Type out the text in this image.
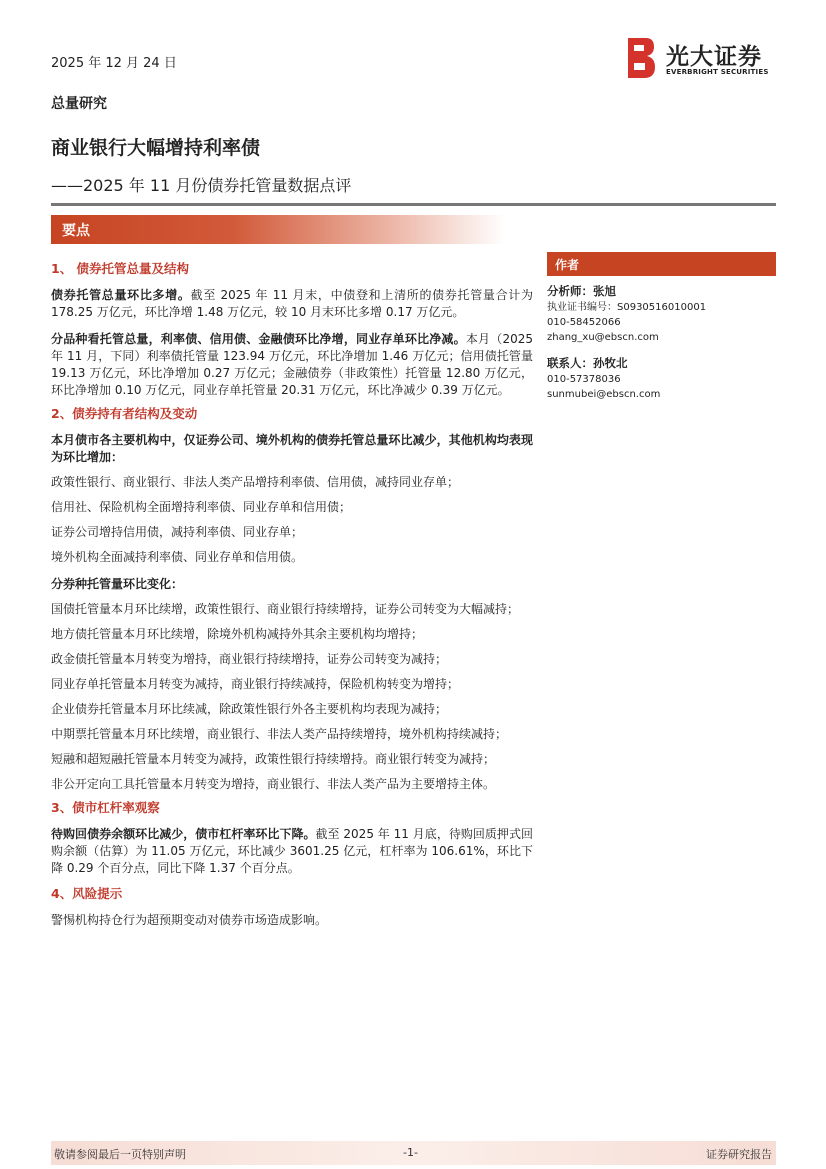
2025 年 12 月 24 日	光大证券
EVERBRIGHT SECURITIES
总量研究
商业银行大幅增持利率债
——2025 年 11 月份债券托管量数据点评
要点
1、 债券托管总量及结构
债券托管总量环比多增。截至 2025 年 11 月末，中债登和上清所的债券托管量合计为 178.25 万亿元，环比净增 1.48 万亿元，较 10 月末环比多增 0.17 万亿元。
分品种看托管总量，利率债、信用债、金融债环比净增，同业存单环比净减。本月（2025 年 11 月，下同）利率债托管量 123.94 万亿元，环比净增加 1.46 万亿元；信用债托管量 19.13 万亿元，环比净增加 0.27 万亿元；金融债券（非政策性）托管量 12.80 万亿元，环比净增加 0.10 万亿元，同业存单托管量 20.31 万亿元，环比净减少 0.39 万亿元。
2、债券持有者结构及变动
本月债市各主要机构中，仅证券公司、境外机构的债券托管总量环比减少，其他机构均表现为环比增加：
政策性银行、商业银行、非法人类产品增持利率债、信用债，减持同业存单；
信用社、保险机构全面增持利率债、同业存单和信用债；
证券公司增持信用债，减持利率债、同业存单；
境外机构全面减持利率债、同业存单和信用债。
分券种托管量环比变化：
国债托管量本月环比续增，政策性银行、商业银行持续增持，证券公司转变为大幅减持；
地方债托管量本月环比续增，除境外机构减持外其余主要机构均增持；
政金债托管量本月转变为增持，商业银行持续增持，证券公司转变为减持；
同业存单托管量本月转变为减持，商业银行持续减持，保险机构转变为增持；
企业债券托管量本月环比续减，除政策性银行外各主要机构均表现为减持；
中期票托管量本月环比续增，商业银行、非法人类产品持续增持，境外机构持续减持；
短融和超短融托管量本月转变为减持，政策性银行持续增持。商业银行转变为减持；
非公开定向工具托管量本月转变为增持，商业银行、非法人类产品为主要增持主体。
3、债市杠杆率观察
待购回债券余额环比减少，债市杠杆率环比下降。截至 2025 年 11 月底，待购回质押式回购余额（估算）为 11.05 万亿元，环比减少 3601.25 亿元，杠杆率为 106.61%，环比下降 0.29 个百分点，同比下降 1.37 个百分点。
4、风险提示
警惕机构持仓行为超预期变动对债券市场造成影响。
作者
分析师：张旭
执业证书编号：S0930516010001
010-58452066
zhang_xu@ebscn.com
联系人：孙牧北
010-57378036
sunmubei@ebscn.com
敬请参阅最后一页特别声明	-1-	证券研究报告
